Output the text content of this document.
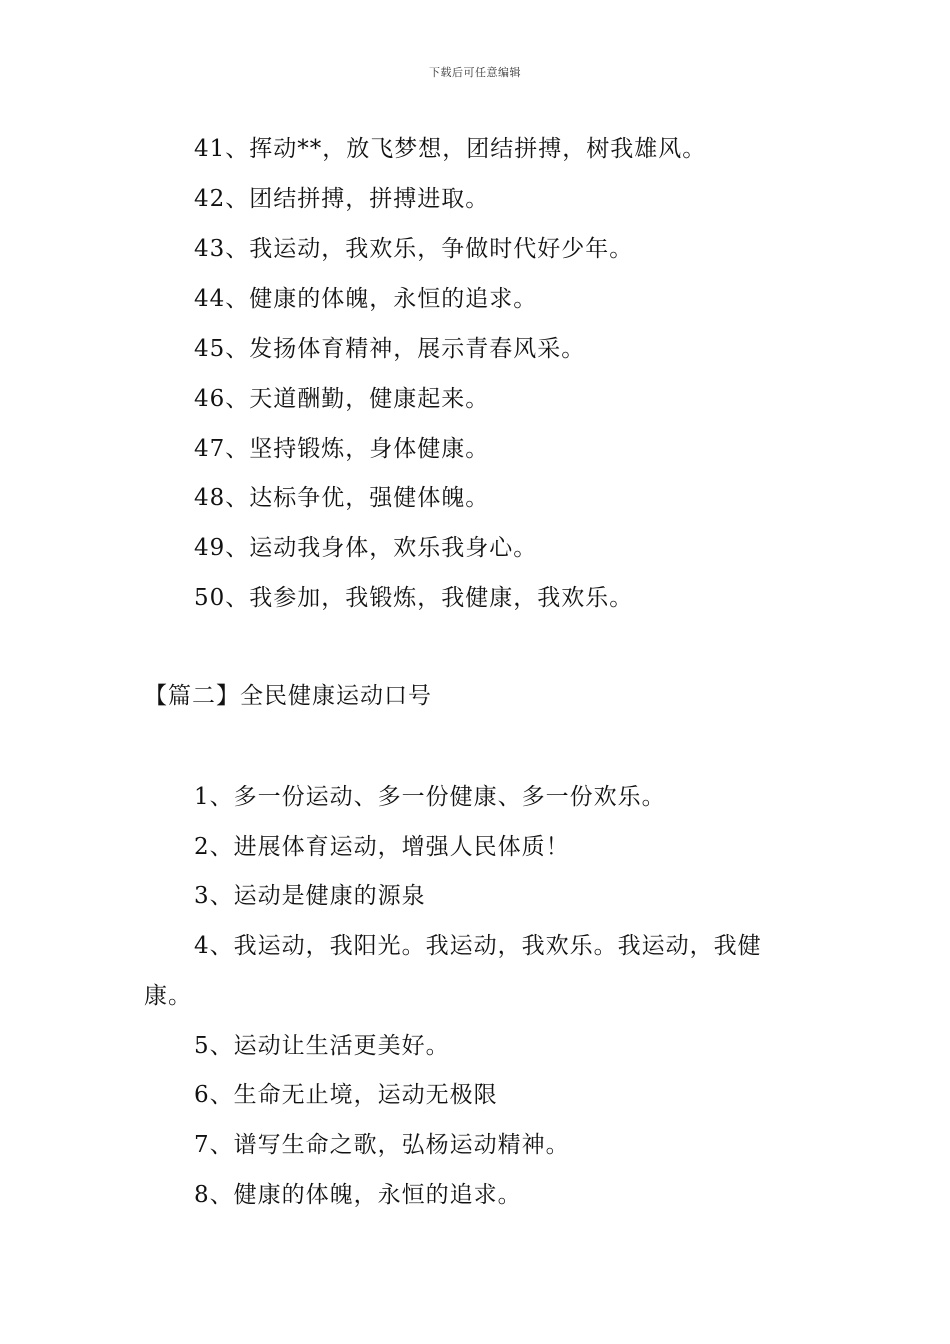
下载后可任意编辑
41、挥动**，放飞梦想，团结拼搏，树我雄风。
42、团结拼搏，拼搏进取。
43、我运动，我欢乐，争做时代好少年。
44、健康的体魄，永恒的追求。
45、发扬体育精神，展示青春风采。
46、天道酬勤，健康起来。
47、坚持锻炼，身体健康。
48、达标争优，强健体魄。
49、运动我身体，欢乐我身心。
50、我参加，我锻炼，我健康，我欢乐。
【篇二】全民健康运动口号
1、多一份运动、多一份健康、多一份欢乐。
2、进展体育运动，增强人民体质！
3、运动是健康的源泉
4、我运动，我阳光。我运动，我欢乐。我运动，我健
康。
5、运动让生活更美好。
6、生命无止境，运动无极限
7、谱写生命之歌，弘杨运动精神。
8、健康的体魄，永恒的追求。
